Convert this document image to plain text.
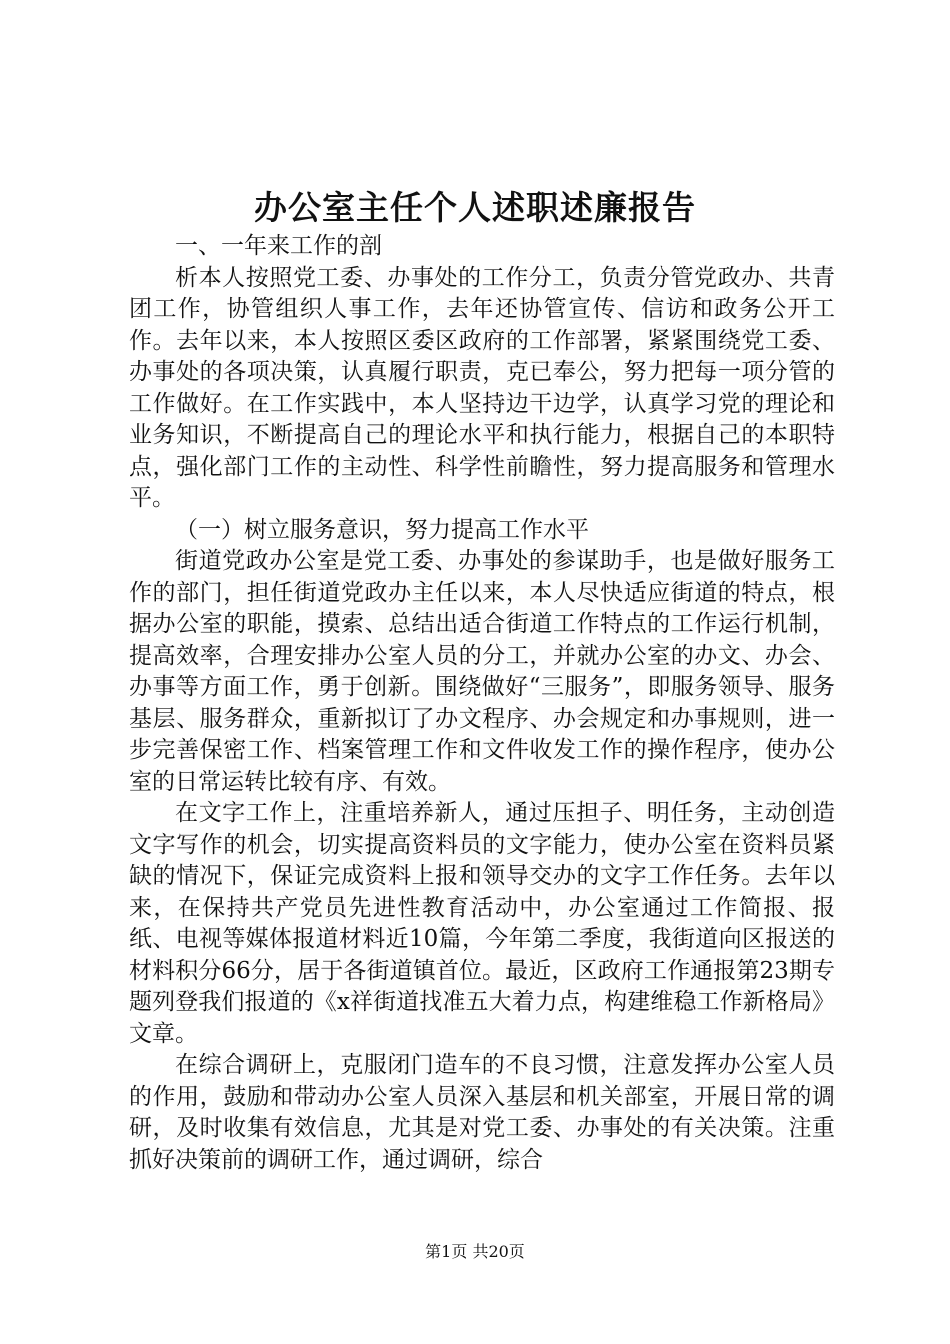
办公室主任个人述职述廉报告

一、一年来工作的剖

析本人按照党工委、办事处的工作分工，负责分管党政办、共青团工作，协管组织人事工作，去年还协管宣传、信访和政务公开工作。去年以来，本人按照区委区政府的工作部署，紧紧围绕党工委、办事处的各项决策，认真履行职责，克已奉公，努力把每一项分管的工作做好。在工作实践中，本人坚持边干边学，认真学习党的理论和业务知识，不断提高自己的理论水平和执行能力，根据自己的本职特点，强化部门工作的主动性、科学性前瞻性，努力提高服务和管理水平。

（一）树立服务意识，努力提高工作水平

街道党政办公室是党工委、办事处的参谋助手，也是做好服务工作的部门，担任街道党政办主任以来，本人尽快适应街道的特点，根据办公室的职能，摸索、总结出适合街道工作特点的工作运行机制，提高效率，合理安排办公室人员的分工，并就办公室的办文、办会、办事等方面工作，勇于创新。围绕做好“三服务”，即服务领导、服务基层、服务群众，重新拟订了办文程序、办会规定和办事规则，进一步完善保密工作、档案管理工作和文件收发工作的操作程序，使办公室的日常运转比较有序、有效。

在文字工作上，注重培养新人，通过压担子、明任务，主动创造文字写作的机会，切实提高资料员的文字能力，使办公室在资料员紧缺的情况下，保证完成资料上报和领导交办的文字工作任务。去年以来，在保持共产党员先进性教育活动中，办公室通过工作简报、报纸、电视等媒体报道材料近10篇，今年第二季度，我街道向区报送的材料积分66分，居于各街道镇首位。最近，区政府工作通报第23期专题列登我们报道的《x祥街道找准五大着力点，构建维稳工作新格局》文章。

在综合调研上，克服闭门造车的不良习惯，注意发挥办公室人员的作用，鼓励和带动办公室人员深入基层和机关部室，开展日常的调研，及时收集有效信息，尤其是对党工委、办事处的有关决策。注重抓好决策前的调研工作，通过调研，综合

第1页 共20页
